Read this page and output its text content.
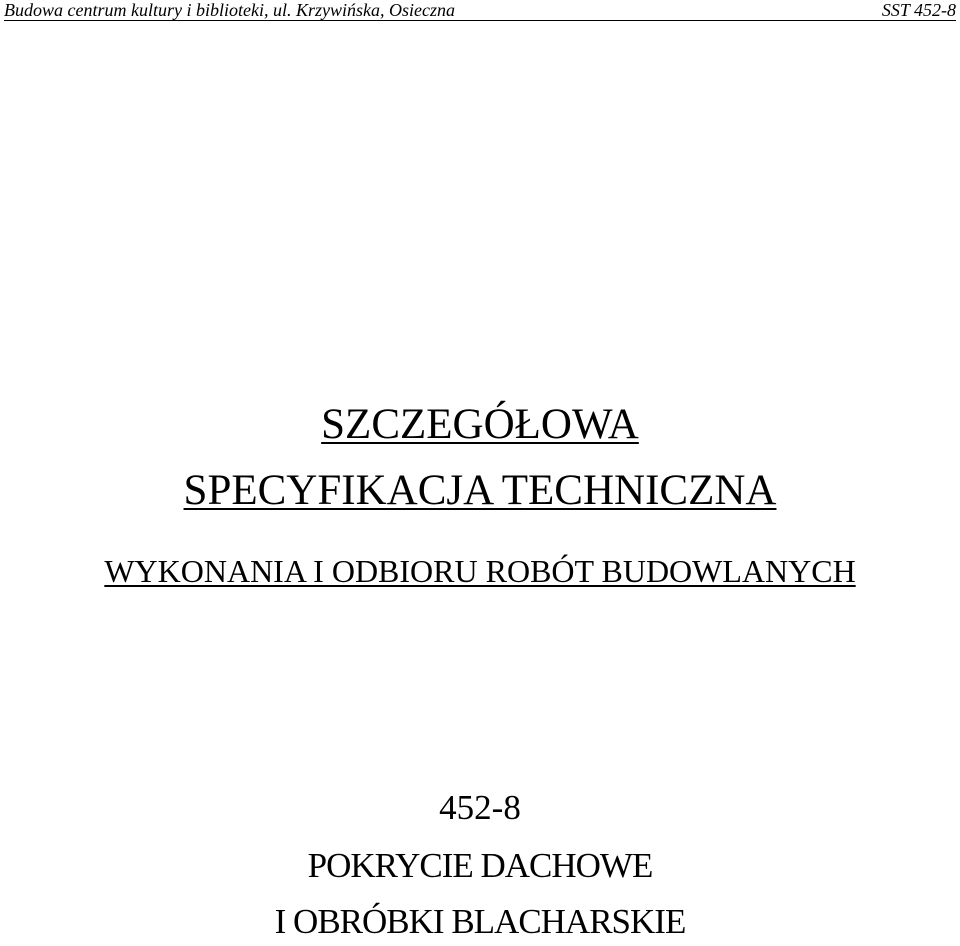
Budowa centrum kultury i biblioteki, ul. Krzywińska, Osieczna	SST 452-8
SZCZEGÓŁOWA
SPECYFIKACJA TECHNICZNA
WYKONANIA I ODBIORU ROBÓT BUDOWLANYCH
452-8
POKRYCIE DACHOWE
I OBRÓBKI BLACHARSKIE
